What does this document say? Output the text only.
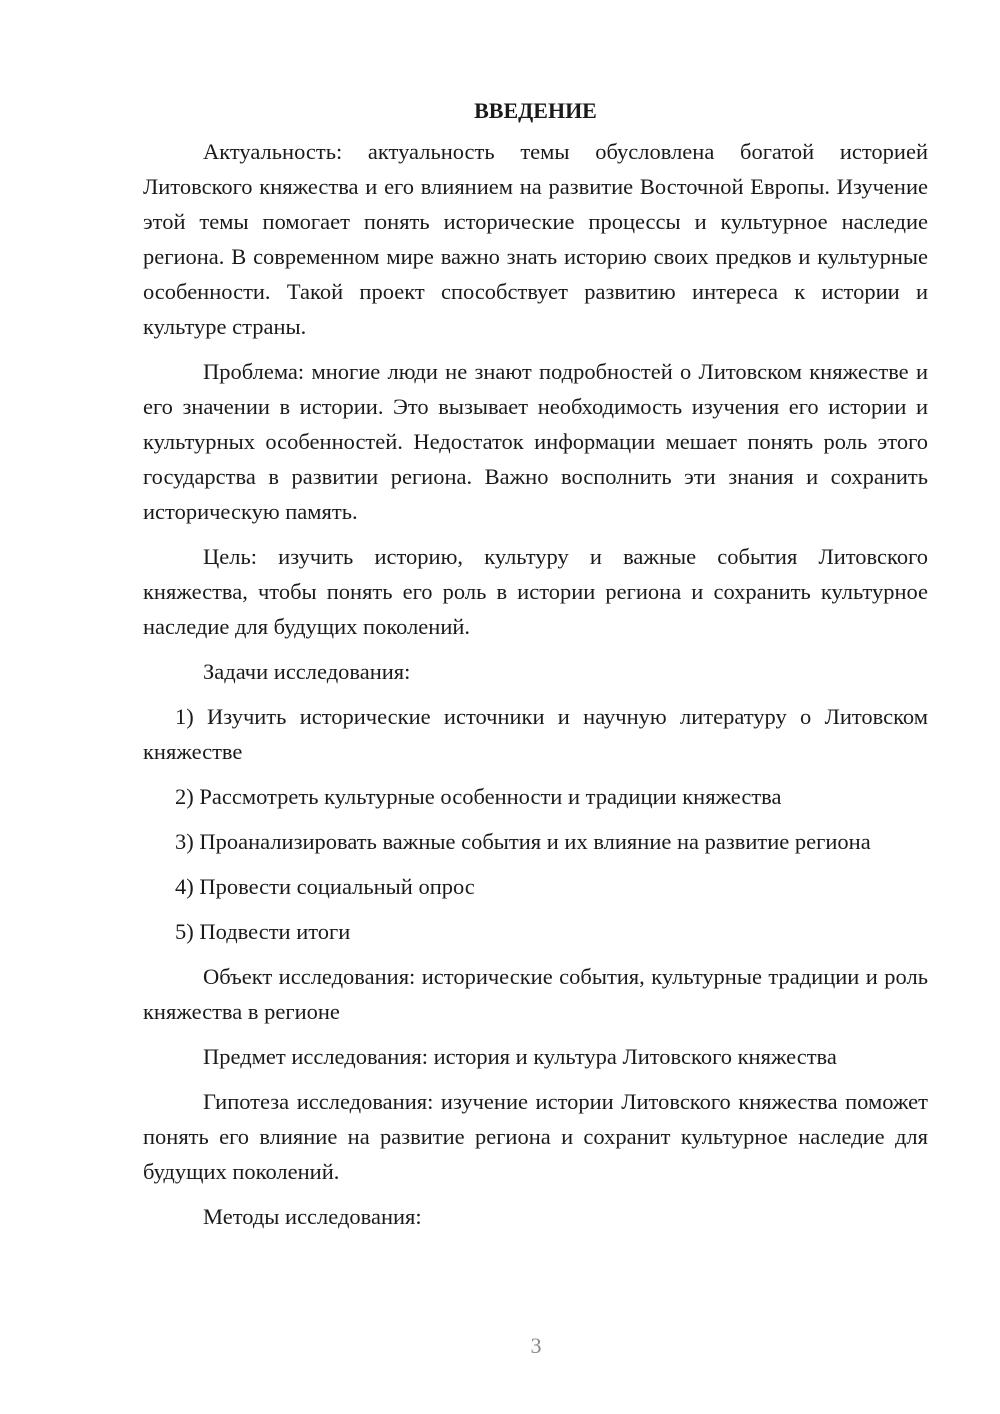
ВВЕДЕНИЕ

Актуальность: актуальность темы обусловлена богатой историей Литовского княжества и его влиянием на развитие Восточной Европы. Изучение этой темы помогает понять исторические процессы и культурное наследие региона. В современном мире важно знать историю своих предков и культурные особенности. Такой проект способствует развитию интереса к истории и культуре страны.

Проблема: многие люди не знают подробностей о Литовском княжестве и его значении в истории. Это вызывает необходимость изучения его истории и культурных особенностей. Недостаток информации мешает понять роль этого государства в развитии региона. Важно восполнить эти знания и сохранить историческую память.

Цель: изучить историю, культуру и важные события Литовского княжества, чтобы понять его роль в истории региона и сохранить культурное наследие для будущих поколений.

Задачи исследования:

1) Изучить исторические источники и научную литературу о Литовском княжестве

2) Рассмотреть культурные особенности и традиции княжества

3) Проанализировать важные события и их влияние на развитие региона

4) Провести социальный опрос

5) Подвести итоги

Объект исследования: исторические события, культурные традиции и роль княжества в регионе

Предмет исследования: история и культура Литовского княжества

Гипотеза исследования: изучение истории Литовского княжества поможет понять его влияние на развитие региона и сохранит культурное наследие для будущих поколений.

Методы исследования:

3
